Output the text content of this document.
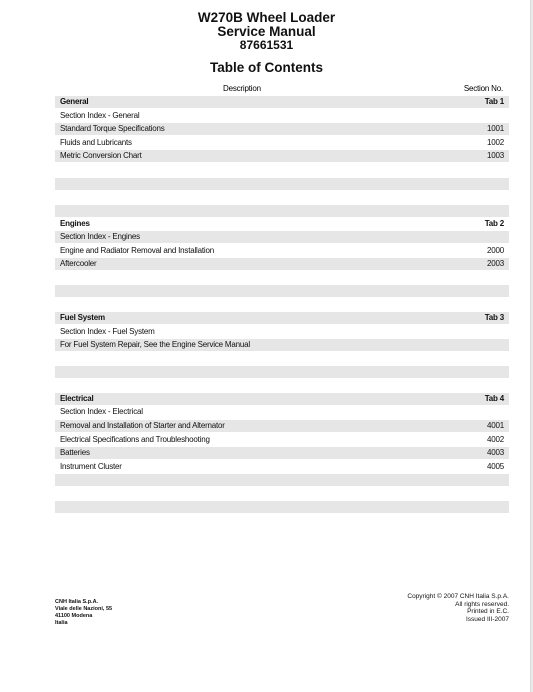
W270B Wheel Loader
Service Manual
87661531
Table of Contents
Description	Section No.
General	Tab 1
Section Index - General
Standard Torque Specifications	1001
Fluids and Lubricants	1002
Metric Conversion Chart	1003
Engines	Tab 2
Section Index - Engines
Engine and Radiator Removal and Installation	2000
Aftercooler	2003
Fuel System	Tab 3
Section Index - Fuel System
For Fuel System Repair, See the Engine Service Manual
Electrical	Tab 4
Section Index - Electrical
Removal and Installation of Starter and Alternator	4001
Electrical Specifications and Troubleshooting	4002
Batteries	4003
Instrument Cluster	4005
CNH Italia S.p.A.
Viale delle Nazioni, 55
41100 Modena
Italia
Copyright © 2007 CNH Italia S.p.A.
All rights reserved.
Printed in E.C.
Issued III-2007
